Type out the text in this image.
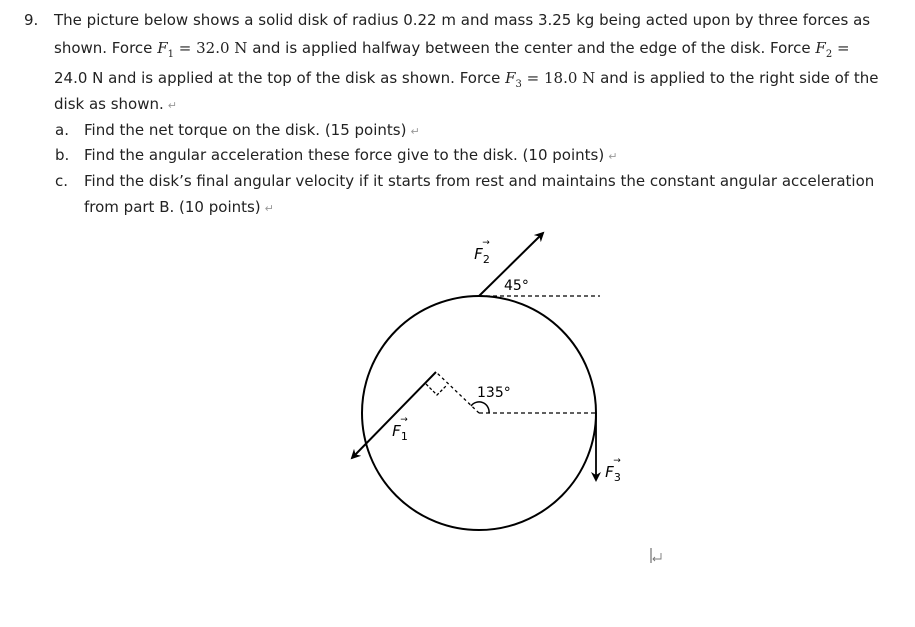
9. The picture below shows a solid disk of radius 0.22 m and mass 3.25 kg being acted upon by three forces as
shown. Force $F_1 = 32.0$ N and is applied halfway between the center and the edge of the disk. Force $F_2$ =
24.0 N and is applied at the top of the disk as shown. Force $F_3 = 18.0$ N and is applied to the right side of the
disk as shown. ↵
a. Find the net torque on the disk. (15 points) ↵
b. Find the angular acceleration these force give to the disk. (10 points) ↵
c. Find the disk’s final angular velocity if it starts from rest and maintains the constant angular acceleration
from part B. (10 points) ↵
$F_2$
→
45°
135°
$F_1$
→
$F_3$
→
